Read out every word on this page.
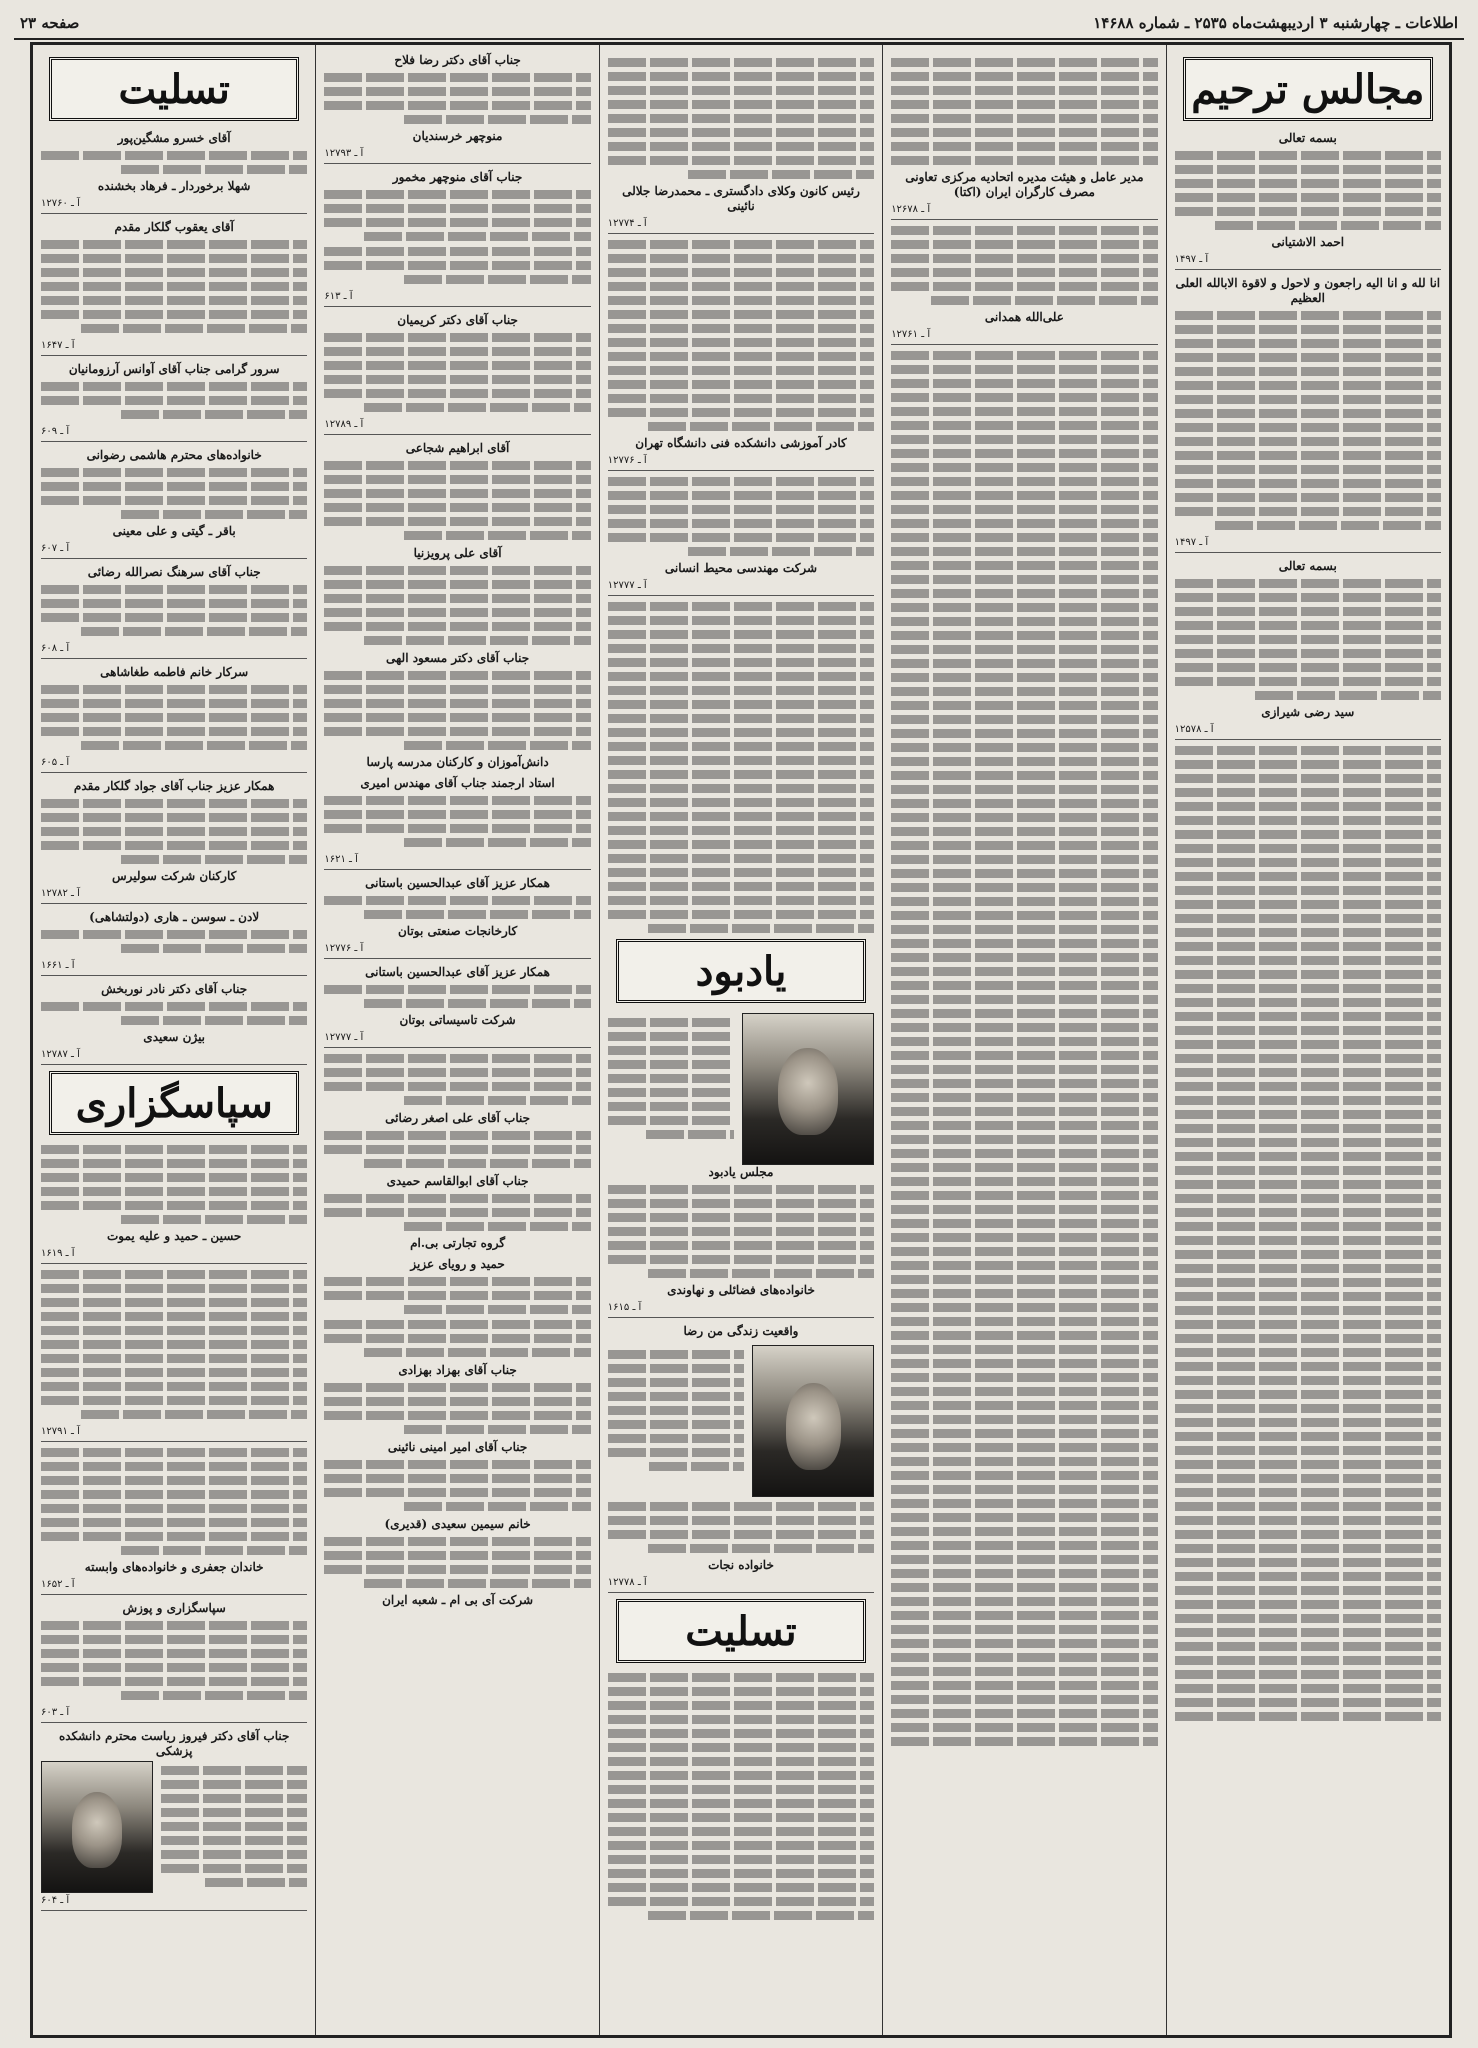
اطلاعات ـ چهارشنبه ۳ اردیبهشت‌ماه ۲۵۳۵ ـ شماره ۱۴۶۸۸
صفحه ۲۳
مجالس ترحیم
بسمه تعالی
احمد الاشتیانی
آ ـ ۱۴۹۷
انا لله و انا الیه راجعون و لاحول و لاقوة الابالله العلی العظیم
آ ـ ۱۴۹۷
بسمه تعالی
سید رضی شیرازی
آ ـ ۱۲۵۷۸
مدیر عامل و هیئت مدیره اتحادیه مرکزی تعاونی مصرف کارگران ایران (اکتا)
آ ـ ۱۲۶۷۸
علی‌الله همدانی
آ ـ ۱۲۷۶۱
رئیس کانون وکلای دادگستری ـ محمدرضا جلالی نائینی
آ ـ ۱۲۷۷۴
کادر آموزشی دانشکده فنی دانشگاه تهران
آ ـ ۱۲۷۷۶
شرکت مهندسی محیط انسانی
آ ـ ۱۲۷۷۷
یادبود
مجلس یادبود
خانواده‌های فضائلی و نهاوندی
آ ـ ۱۶۱۵
واقعیت زندگی من رضا
خانواده نجات
آ ـ ۱۲۷۷۸
تسلیت
جناب آقای دکتر رضا فلاح
منوچهر خرسندیان
آ ـ ۱۲۷۹۳
جناب آقای منوچهر مخمور
آ ـ ۶۱۳
جناب آقای دکتر کریمیان
آ ـ ۱۲۷۸۹
آقای ابراهیم شجاعی
آقای علی پرویزنیا
جناب آقای دکتر مسعود الهی
دانش‌آموزان و کارکنان مدرسه پارسا
استاد ارجمند جناب آقای مهندس امیری
آ ـ ۱۶۲۱
همکار عزیز آقای عبدالحسین باستانی
کارخانجات صنعتی بوتان
آ ـ ۱۲۷۷۶
همکار عزیز آقای عبدالحسین باستانی
شرکت تاسیساتی بوتان
آ ـ ۱۲۷۷۷
جناب آقای علی اصغر رضائی
جناب آقای ابوالقاسم حمیدی
گروه تجارتی بی.ام
حمید و رویای عزیز
جناب آقای بهزاد بهزادی
جناب آقای امیر امینی نائینی
خانم سیمین سعیدی (قدیری)
شرکت آی بی ام ـ شعبه ایران
تسلیت
آقای خسرو مشگین‌پور
شهلا برخوردار ـ فرهاد بخشنده
آ ـ ۱۲۷۶۰
آقای یعقوب گلکار مقدم
آ ـ ۱۶۴۷
سرور گرامی جناب آقای آوانس آرزومانیان
آ ـ ۶۰۹
خانواده‌های محترم هاشمی رضوانی
باقر ـ گیتی و علی معینی
آ ـ ۶۰۷
جناب آقای سرهنگ نصرالله رضائی
آ ـ ۶۰۸
سرکار خانم فاطمه طغاشاهی
آ ـ ۶۰۵
همکار عزیز جناب آقای جواد گلکار مقدم
کارکنان شرکت سولیرس
آ ـ ۱۲۷۸۲
لادن ـ سوسن ـ هاری (دولتشاهی)
آ ـ ۱۶۶۱
جناب آقای دکتر نادر نوربخش
بیژن سعیدی
آ ـ ۱۲۷۸۷
سپاسگزاری
حسین ـ حمید و علیه یموت
آ ـ ۱۶۱۹
آ ـ ۱۲۷۹۱
خاندان جعفری و خانواده‌های وابسته
آ ـ ۱۶۵۲
سپاسگزاری و پوزش
آ ـ ۶۰۳
جناب آقای دکتر فیروز ریاست محترم دانشکده پزشکی
آ ـ ۶۰۴
